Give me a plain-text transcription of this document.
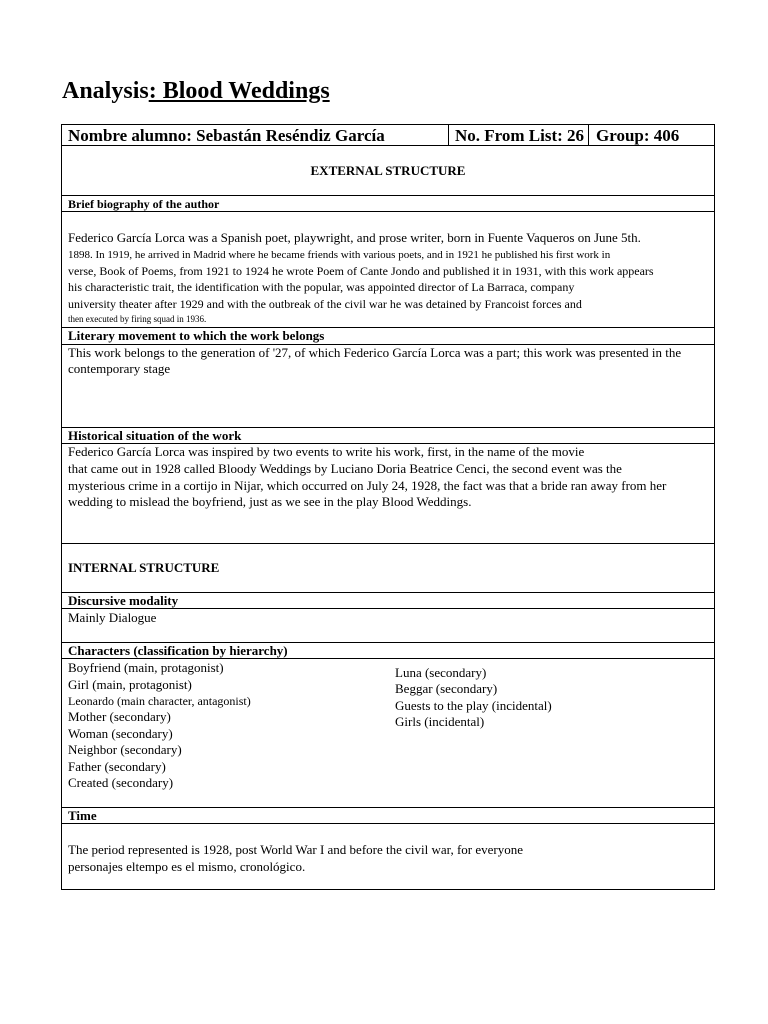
Analysis: Blood Weddings
Nombre alumno: Sebastán Reséndiz García	No. From List: 26 Group: 406
EXTERNAL STRUCTURE
Brief biography of the author
Federico García Lorca was a Spanish poet, playwright, and prose writer, born in Fuente Vaqueros on June 5th.
1898. In 1919, he arrived in Madrid where he became friends with various poets, and in 1921 he published his first work in
verse, Book of Poems, from 1921 to 1924 he wrote Poem of Cante Jondo and published it in 1931, with this work appears
his characteristic trait, the identification with the popular, was appointed director of La Barraca, company
university theater after 1929 and with the outbreak of the civil war he was detained by Francoist forces and
then executed by firing squad in 1936.
Literary movement to which the work belongs
This work belongs to the generation of '27, of which Federico García Lorca was a part; this work was presented in the
contemporary stage
Historical situation of the work
Federico García Lorca was inspired by two events to write his work, first, in the name of the movie
that came out in 1928 called Bloody Weddings by Luciano Doria Beatrice Cenci, the second event was the
mysterious crime in a cortijo in Nijar, which occurred on July 24, 1928, the fact was that a bride ran away from her
wedding to mislead the boyfriend, just as we see in the play Blood Weddings.
INTERNAL STRUCTURE
Discursive modality
Mainly Dialogue
Characters (classification by hierarchy)
Boyfriend (main, protagonist)
Girl (main, protagonist)
Leonardo (main character, antagonist)
Mother (secondary)
Woman (secondary)
Neighbor (secondary)
Father (secondary)
Created (secondary)
Luna (secondary)
Beggar (secondary)
Guests to the play (incidental)
Girls (incidental)
Time
The period represented is 1928, post World War I and before the civil war, for everyone
personajes eltempo es el mismo, cronológico.
